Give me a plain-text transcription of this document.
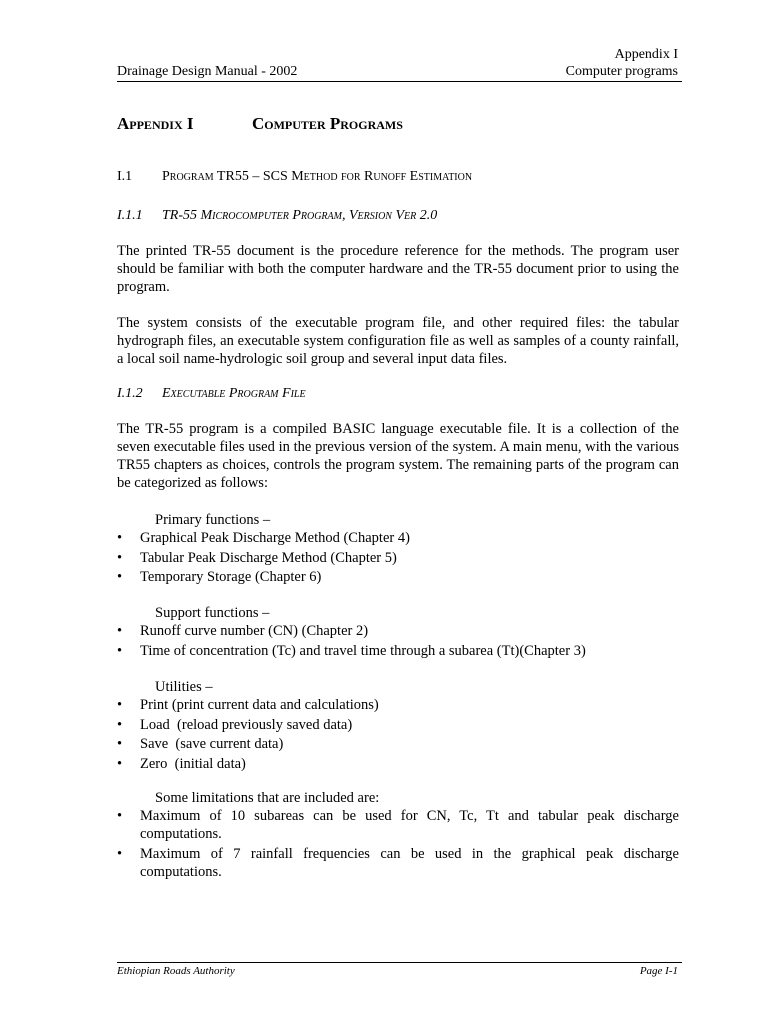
Appendix I
Computer programs
Drainage Design Manual - 2002
Appendix I	Computer Programs
I.1 Program TR55 – SCS Method for Runoff Estimation
I.1.1 TR-55 Microcomputer Program, Version Ver 2.0
The printed TR-55 document is the procedure reference for the methods. The program user should be familiar with both the computer hardware and the TR-55 document prior to using the program.
The system consists of the executable program file, and other required files: the tabular hydrograph files, an executable system configuration file as well as samples of a county rainfall, a local soil name-hydrologic soil group and several input data files.
I.1.2 Executable Program File
The TR-55 program is a compiled BASIC language executable file. It is a collection of the seven executable files used in the previous version of the system. A main menu, with the various TR55 chapters as choices, controls the program system. The remaining parts of the program can be categorized as follows:
Primary functions –
• Graphical Peak Discharge Method (Chapter 4)
• Tabular Peak Discharge Method (Chapter 5)
• Temporary Storage (Chapter 6)
Support functions –
• Runoff curve number (CN) (Chapter 2)
• Time of concentration (Tc) and travel time through a subarea (Tt)(Chapter 3)
Utilities –
• Print (print current data and calculations)
• Load  (reload previously saved data)
• Save  (save current data)
• Zero  (initial data)
Some limitations that are included are:
• Maximum of 10 subareas can be used for CN, Tc, Tt and tabular peak discharge computations.
• Maximum of 7 rainfall frequencies can be used in the graphical peak discharge computations.
Ethiopian Roads Authority	Page I-1
